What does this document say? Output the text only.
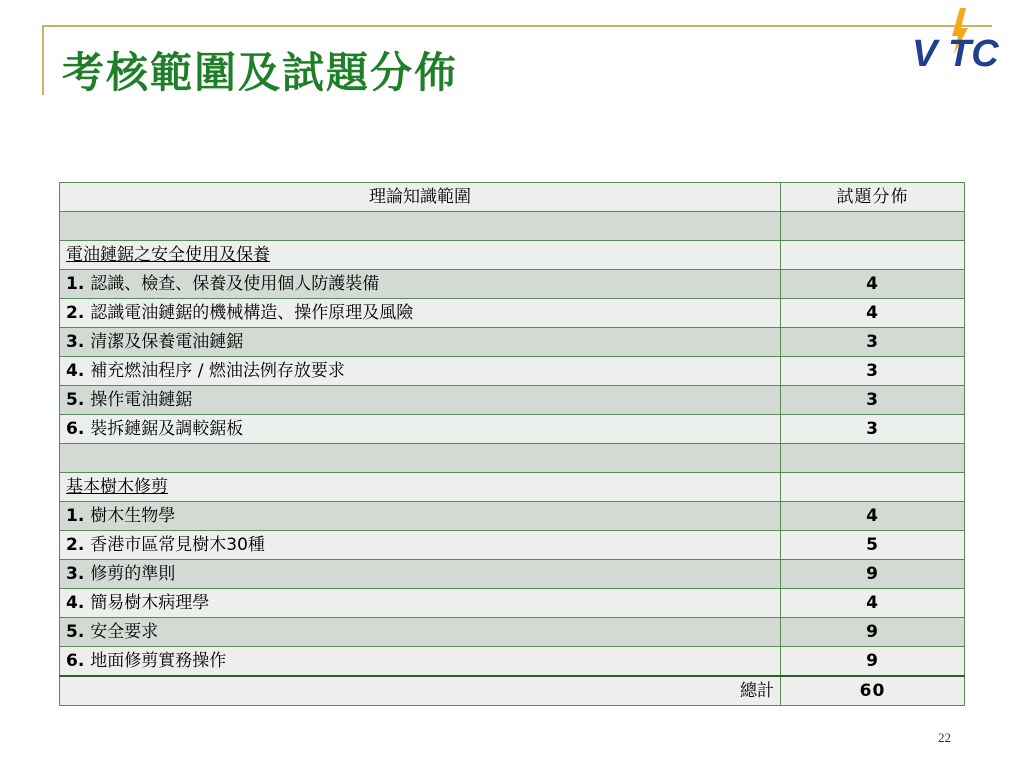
考核範圍及試題分佈	V TC
理論知識範圍	試題分佈

電油鏈鋸之安全使用及保養	
1. 認識、檢查、保養及使用個人防護裝備	4
2. 認識電油鏈鋸的機械構造、操作原理及風險	4
3. 清潔及保養電油鏈鋸	3
4. 補充燃油程序 / 燃油法例存放要求	3
5. 操作電油鏈鋸	3
6. 裝拆鏈鋸及調較鋸板	3

基本樹木修剪	
1. 樹木生物學	4
2. 香港市區常見樹木30種	5
3. 修剪的準則	9
4. 簡易樹木病理學	4
5. 安全要求	9
6. 地面修剪實務操作	9
總計	60
22
